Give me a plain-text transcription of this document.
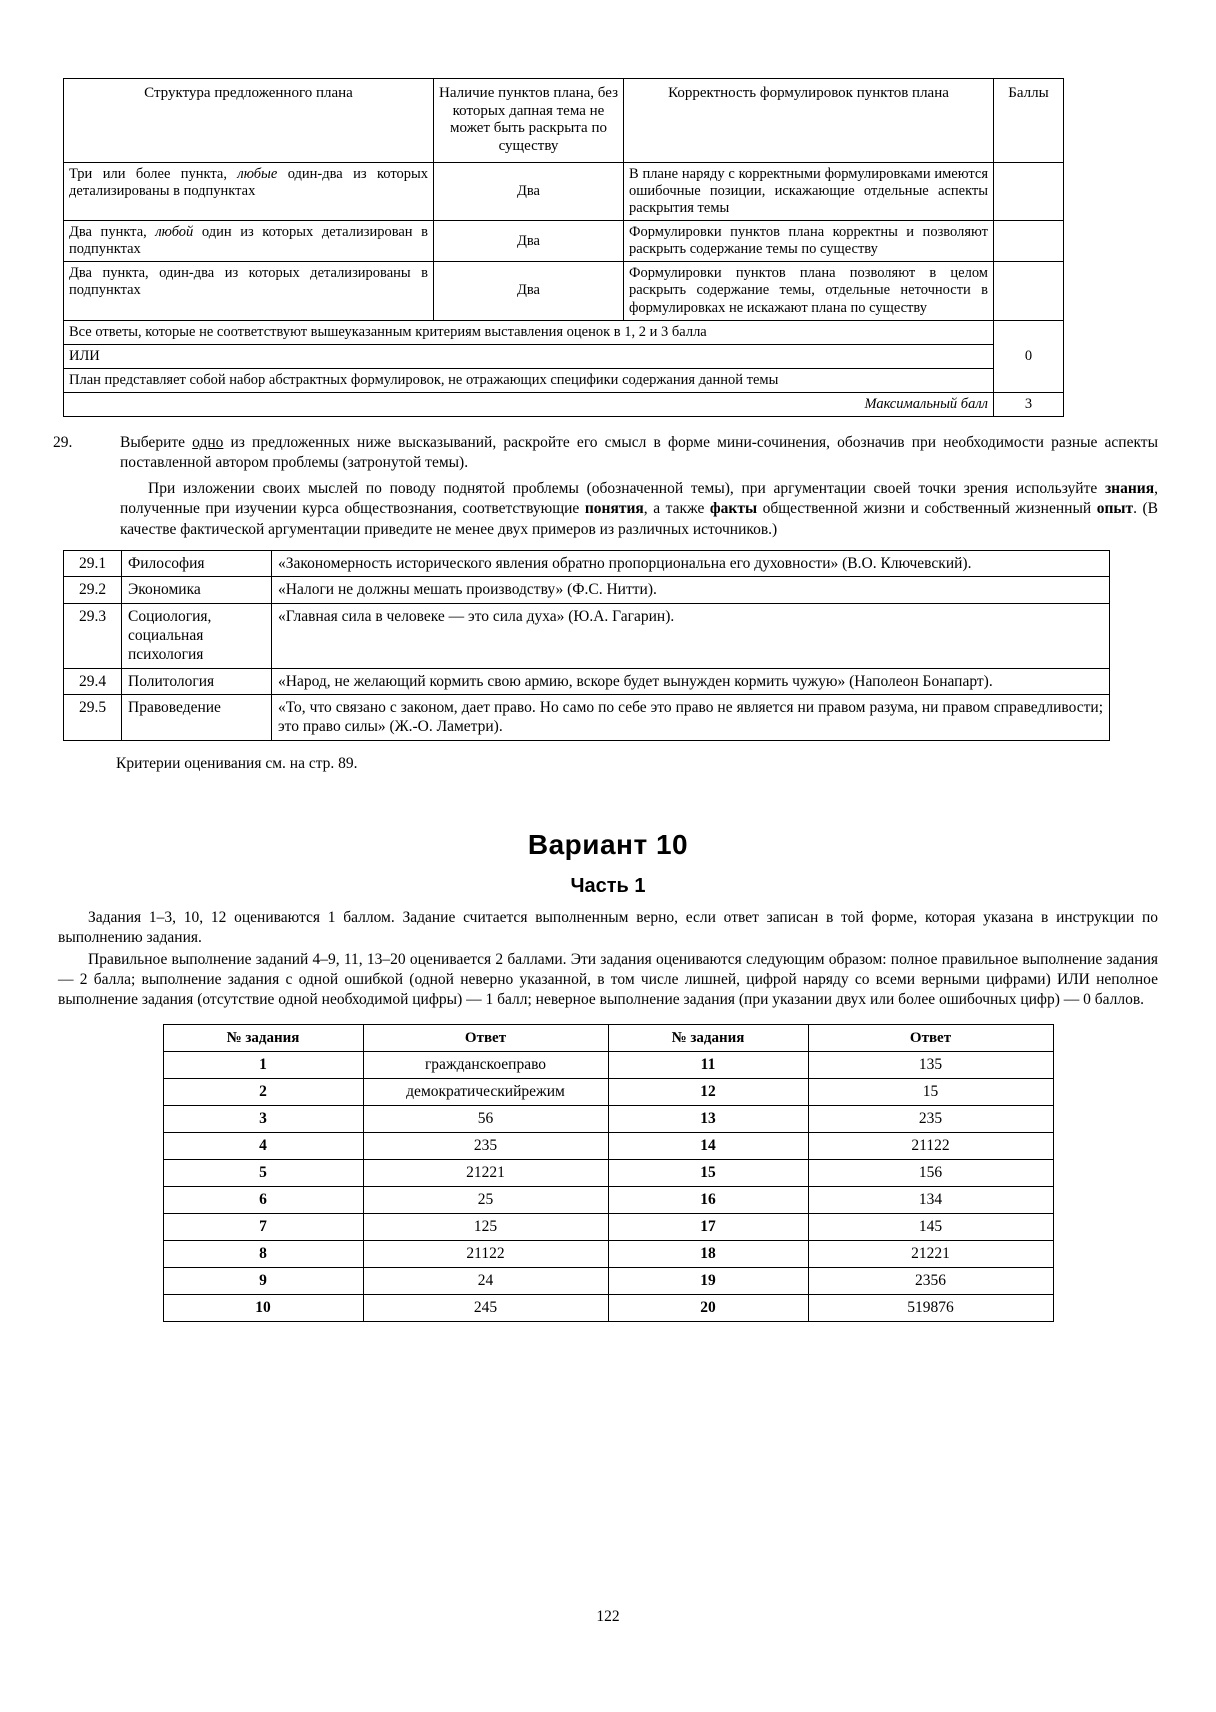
Структура предложенного плана	Наличие пунктов плана, без которых дапная тема не может быть раскрыта по существу	Корректность формулировок пунктов плана	Баллы
Три или более пункта, любые один-два из которых детализированы в подпунктах	Два	В плане наряду с корректными формулировками имеются ошибочные позиции, искажающие отдельные аспекты раскрытия темы	
Два пункта, любой один из которых детализирован в подпунктах	Два	Формулировки пунктов плана корректны и позволяют раскрыть содержание темы по существу	
Два пункта, один-два из которых детализированы в подпунктах	Два	Формулировки пунктов плана позволяют в целом раскрыть содержание темы, отдельные неточности в формулировках не искажают плана по существу	
Все ответы, которые не соответствуют вышеуказанным критериям выставления оценок в 1, 2 и 3 балла			0
ИЛИ			
План представляет собой набор абстрактных формулировок, не отражающих специфики содержания данной темы			
Максимальный балл			3
29.	Выберите одно из предложенных ниже высказываний, раскройте его смысл в форме мини-сочинения, обозначив при необходимости разные аспекты поставленной автором проблемы (затронутой темы).

При изложении своих мыслей по поводу поднятой проблемы (обозначенной темы), при аргументации своей точки зрения используйте знания, полученные при изучении курса обществознания, соответствующие понятия, а также факты общественной жизни и собственный жизненный опыт. (В качестве фактической аргументации приведите не менее двух примеров из различных источников.)

29.1	Философия	«Закономерность исторического явления обратно пропорциональна его духовности» (В.О. Ключевский).
29.2	Экономика	«Налоги не должны мешать производству» (Ф.С. Нитти).
29.3	Социология, социальная психология	«Главная сила в человеке — это сила духа» (Ю.А. Гагарин).
29.4	Политология	«Народ, не желающий кормить свою армию, вскоре будет вынужден кормить чужую» (Наполеон Бонапарт).
29.5	Правоведение	«То, что связано с законом, дает право. Но само по себе это право не является ни правом разума, ни правом справедливости; это право силы» (Ж.-О. Ламетри).
Критерии оценивания см. на стр. 89.
Вариант 10
Часть 1

Задания 1–3, 10, 12 оцениваются 1 баллом. Задание считается выполненным верно, если ответ записан в той форме, которая указана в инструкции по выполнению задания.

Правильное выполнение заданий 4–9, 11, 13–20 оценивается 2 баллами. Эти задания оцениваются следующим образом: полное правильное выполнение задания — 2 балла; выполнение задания с одной ошибкой (одной неверно указанной, в том числе лишней, цифрой наряду со всеми верными цифрами) ИЛИ неполное выполнение задания (отсутствие одной необходимой цифры) — 1 балл; неверное выполнение задания (при указании двух или более ошибочных цифр) — 0 баллов.

№ задания	Ответ	№ задания	Ответ
1	гражданскоеправо	11	135
2	демократическийрежим	12	15
3	56	13	235
4	235	14	21122
5	21221	15	156
6	25	16	134
7	125	17	145
8	21122	18	21221
9	24	19	2356
10	245	20	519876
122
